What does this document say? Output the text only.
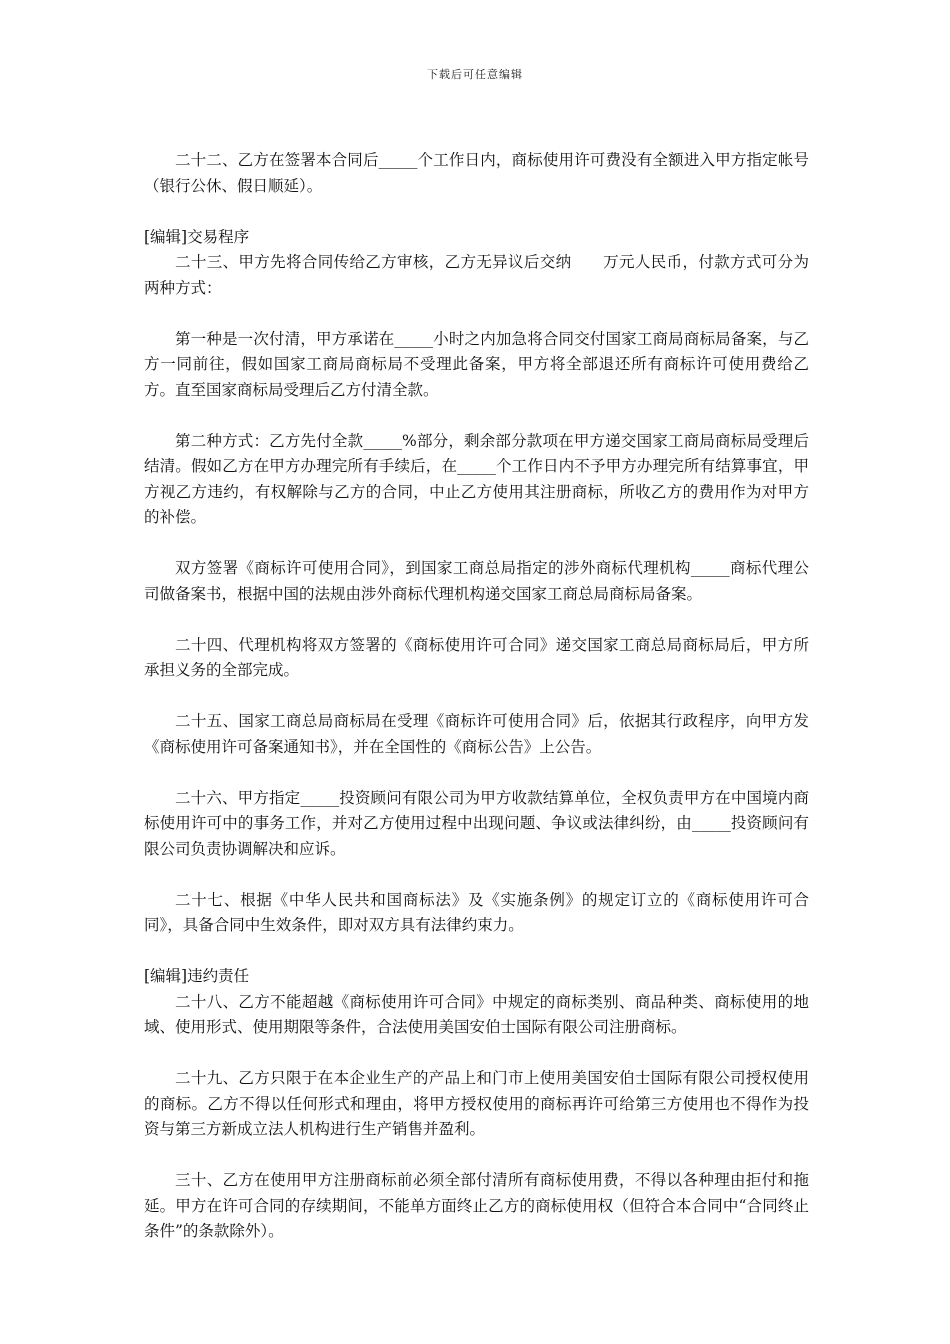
下载后可任意编辑

二十二、乙方在签署本合同后_____个工作日内，商标使用许可费没有全额进入甲方指定帐号（银行公休、假日顺延）。

[编辑]交易程序

二十三、甲方先将合同传给乙方审核，乙方无异议后交纳　　万元人民币，付款方式可分为两种方式：

第一种是一次付清，甲方承诺在_____小时之内加急将合同交付国家工商局商标局备案，与乙方一同前往，假如国家工商局商标局不受理此备案，甲方将全部退还所有商标许可使用费给乙方。直至国家商标局受理后乙方付清全款。

第二种方式：乙方先付全款_____%部分，剩余部分款项在甲方递交国家工商局商标局受理后结清。假如乙方在甲方办理完所有手续后，在_____个工作日内不予甲方办理完所有结算事宜，甲方视乙方违约，有权解除与乙方的合同，中止乙方使用其注册商标，所收乙方的费用作为对甲方的补偿。

双方签署《商标许可使用合同》，到国家工商总局指定的涉外商标代理机构_____商标代理公司做备案书，根据中国的法规由涉外商标代理机构递交国家工商总局商标局备案。

二十四、代理机构将双方签署的《商标使用许可合同》递交国家工商总局商标局后，甲方所承担义务的全部完成。

二十五、国家工商总局商标局在受理《商标许可使用合同》后，依据其行政程序，向甲方发《商标使用许可备案通知书》，并在全国性的《商标公告》上公告。

二十六、甲方指定_____投资顾问有限公司为甲方收款结算单位，全权负责甲方在中国境内商标使用许可中的事务工作，并对乙方使用过程中出现问题、争议或法律纠纷，由_____投资顾问有限公司负责协调解决和应诉。

二十七、根据《中华人民共和国商标法》及《实施条例》的规定订立的《商标使用许可合同》，具备合同中生效条件，即对双方具有法律约束力。

[编辑]违约责任

二十八、乙方不能超越《商标使用许可合同》中规定的商标类别、商品种类、商标使用的地域、使用形式、使用期限等条件，合法使用美国安伯士国际有限公司注册商标。

二十九、乙方只限于在本企业生产的产品上和门市上使用美国安伯士国际有限公司授权使用的商标。乙方不得以任何形式和理由，将甲方授权使用的商标再许可给第三方使用也不得作为投资与第三方新成立法人机构进行生产销售并盈利。

三十、乙方在使用甲方注册商标前必须全部付清所有商标使用费，不得以各种理由拒付和拖延。甲方在许可合同的存续期间，不能单方面终止乙方的商标使用权（但符合本合同中“合同终止条件”的条款除外）。
